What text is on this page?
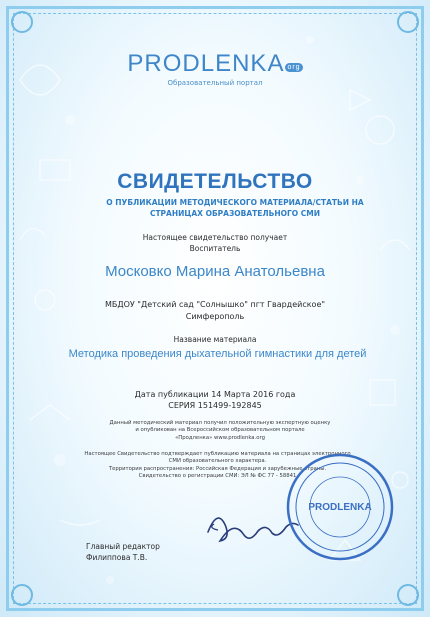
PRODLENKA org
Образовательный портал
СВИДЕТЕЛЬСТВО
О ПУБЛИКАЦИИ МЕТОДИЧЕСКОГО МАТЕРИАЛА/СТАТЬИ НА СТРАНИЦАХ ОБРАЗОВАТЕЛЬНОГО СМИ
Настоящее свидетельство получает
Воспитатель
Московко Марина Анатольевна
МБДОУ "Детский сад "Солнышко" пгт Гвардейское"
Симферополь
Название материала
Методика проведения дыхательной гимнастики для детей
Дата публикации 14 Марта 2016 года
СЕРИЯ 151499-192845
Данный методический материал получил положительную экспертную оценку
и опубликован на Всероссийском образовательном портале
«Продленка» www.prodlenka.org
Настоящее Свидетельство подтверждает публикацию материала на страницах электронного
СМИ образовательного характера.
Территория распространения: Российская Федерация и зарубежные страны.
Свидетельство о регистрации СМИ: ЭЛ № ФС 77 - 58841
Главный редактор
Филиппова Т.В.
PRODLENKA
